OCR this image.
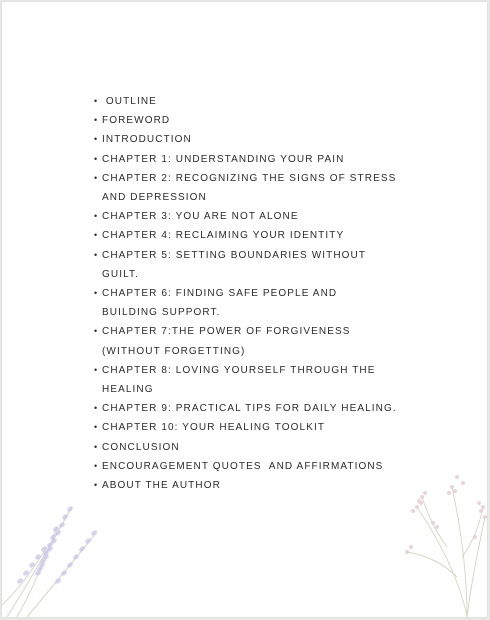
• OUTLINE
• FOREWORD
• INTRODUCTION
• CHAPTER 1: UNDERSTANDING YOUR PAIN
• CHAPTER 2: RECOGNIZING THE SIGNS OF STRESS
AND DEPRESSION
• CHAPTER 3: YOU ARE NOT ALONE
• CHAPTER 4: RECLAIMING YOUR IDENTITY
• CHAPTER 5: SETTING BOUNDARIES WITHOUT
GUILT.
• CHAPTER 6: FINDING SAFE PEOPLE AND
BUILDING SUPPORT.
• CHAPTER 7:THE POWER OF FORGIVENESS
(WITHOUT FORGETTING)
• CHAPTER 8: LOVING YOURSELF THROUGH THE
HEALING
• CHAPTER 9: PRACTICAL TIPS FOR DAILY HEALING.
• CHAPTER 10: YOUR HEALING TOOLKIT
• CONCLUSION
• ENCOURAGEMENT QUOTES  AND AFFIRMATIONS
• ABOUT THE AUTHOR
